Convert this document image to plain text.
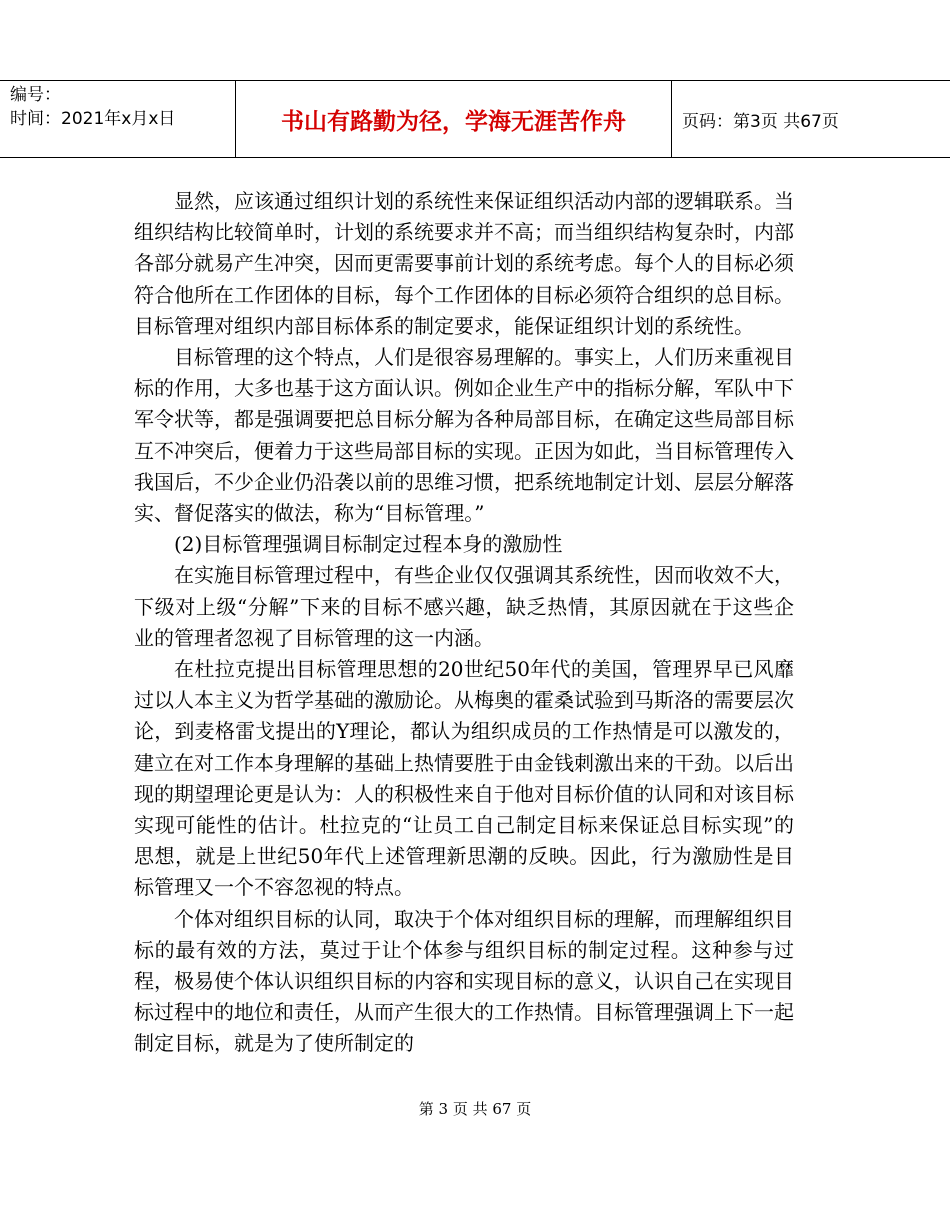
编号：
时间：2021年x月x日	书山有路勤为径，学海无涯苦作舟	页码：第3页 共67页

显然，应该通过组织计划的系统性来保证组织活动内部的逻辑联系。当组织结构比较简单时，计划的系统要求并不高；而当组织结构复杂时，内部各部分就易产生冲突，因而更需要事前计划的系统考虑。每个人的目标必须符合他所在工作团体的目标，每个工作团体的目标必须符合组织的总目标。目标管理对组织内部目标体系的制定要求，能保证组织计划的系统性。

目标管理的这个特点，人们是很容易理解的。事实上，人们历来重视目标的作用，大多也基于这方面认识。例如企业生产中的指标分解，军队中下军令状等，都是强调要把总目标分解为各种局部目标，在确定这些局部目标互不冲突后，便着力于这些局部目标的实现。正因为如此，当目标管理传入我国后，不少企业仍沿袭以前的思维习惯，把系统地制定计划、层层分解落实、督促落实的做法，称为“目标管理。”

(2)目标管理强调目标制定过程本身的激励性

在实施目标管理过程中，有些企业仅仅强调其系统性，因而收效不大，下级对上级“分解”下来的目标不感兴趣，缺乏热情，其原因就在于这些企业的管理者忽视了目标管理的这一内涵。

在杜拉克提出目标管理思想的20世纪50年代的美国，管理界早已风靡过以人本主义为哲学基础的激励论。从梅奥的霍桑试验到马斯洛的需要层次论，到麦格雷戈提出的Y理论，都认为组织成员的工作热情是可以激发的，建立在对工作本身理解的基础上热情要胜于由金钱刺激出来的干劲。以后出现的期望理论更是认为：人的积极性来自于他对目标价值的认同和对该目标实现可能性的估计。杜拉克的“让员工自己制定目标来保证总目标实现”的思想，就是上世纪50年代上述管理新思潮的反映。因此，行为激励性是目标管理又一个不容忽视的特点。

个体对组织目标的认同，取决于个体对组织目标的理解，而理解组织目标的最有效的方法，莫过于让个体参与组织目标的制定过程。这种参与过程，极易使个体认识组织目标的内容和实现目标的意义，认识自己在实现目标过程中的地位和责任，从而产生很大的工作热情。目标管理强调上下一起制定目标，就是为了使所制定的

第 3 页 共 67 页
